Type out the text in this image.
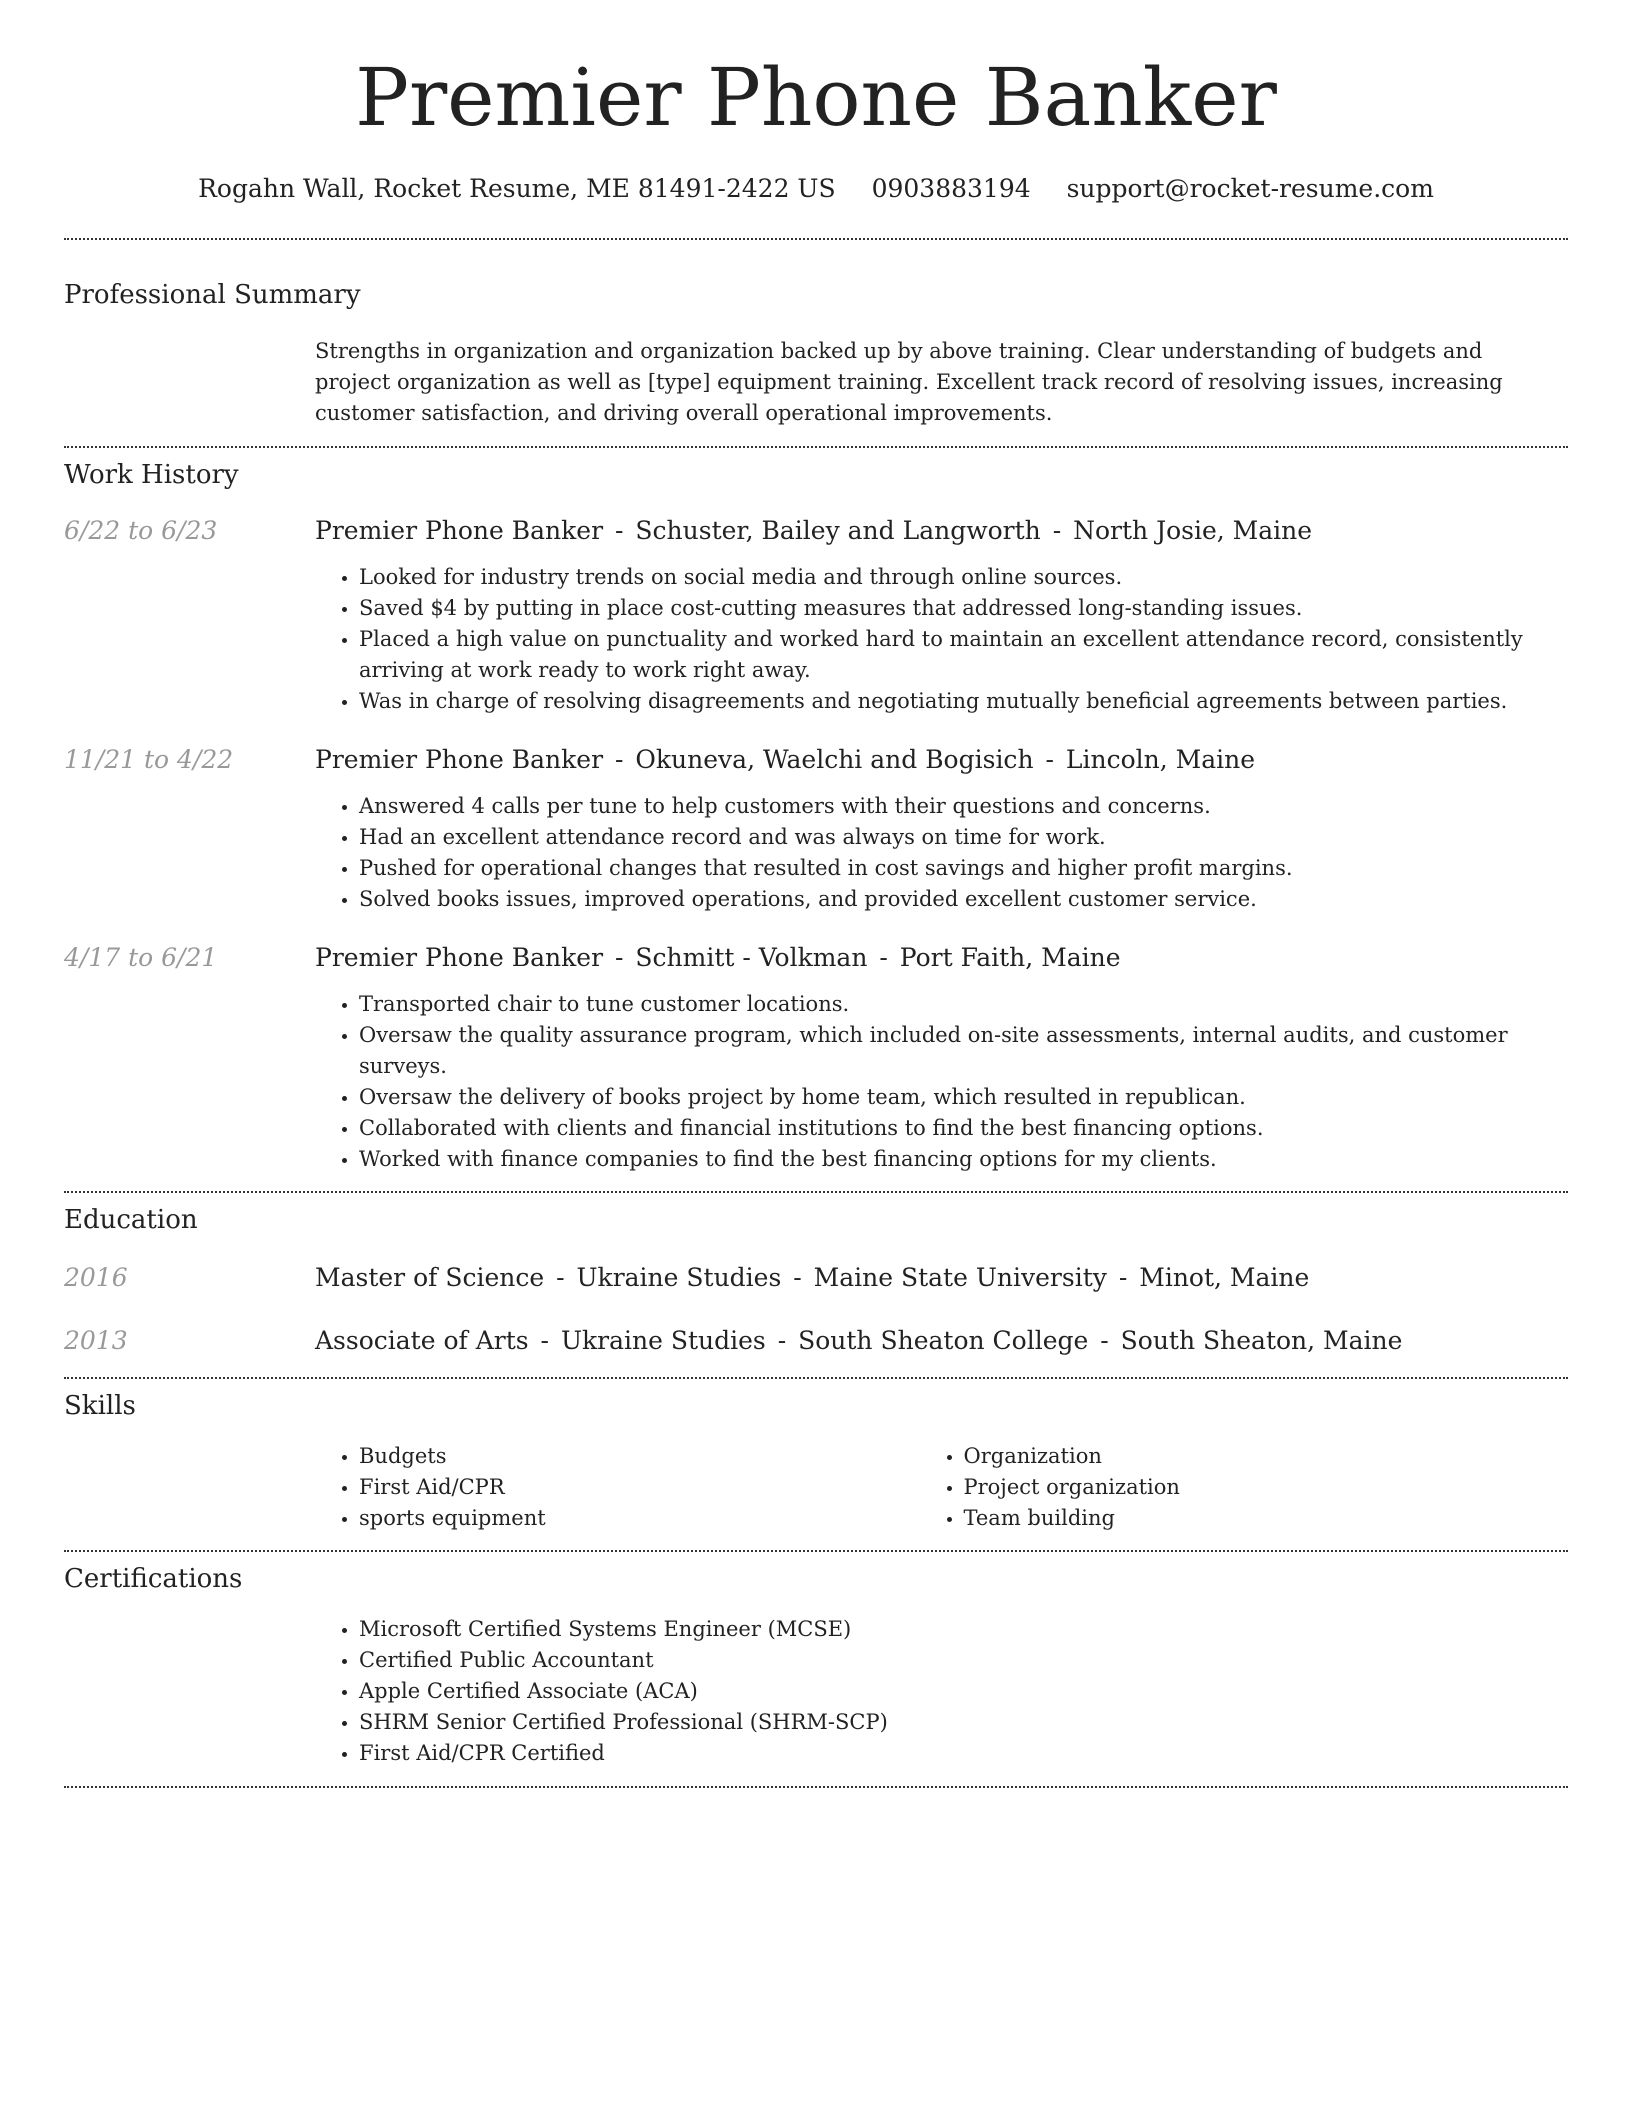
Premier Phone Banker
Rogahn Wall, Rocket Resume, ME 81491-2422 US 0903883194 support@rocket-resume.com
Professional Summary

Strengths in organization and organization backed up by above training. Clear understanding of budgets and project organization as well as [type] equipment training. Excellent track record of resolving issues, increasing customer satisfaction, and driving overall operational improvements.

Work History
6/22 to 6/23	Premier Phone Banker - Schuster, Bailey and Langworth - North Josie, Maine
• Looked for industry trends on social media and through online sources.
• Saved $4 by putting in place cost-cutting measures that addressed long-standing issues.
• Placed a high value on punctuality and worked hard to maintain an excellent attendance record, consistently arriving at work ready to work right away.
• Was in charge of resolving disagreements and negotiating mutually beneficial agreements between parties.
11/21 to 4/22	Premier Phone Banker - Okuneva, Waelchi and Bogisich - Lincoln, Maine
• Answered 4 calls per tune to help customers with their questions and concerns.
• Had an excellent attendance record and was always on time for work.
• Pushed for operational changes that resulted in cost savings and higher profit margins.
• Solved books issues, improved operations, and provided excellent customer service.
4/17 to 6/21	Premier Phone Banker - Schmitt - Volkman - Port Faith, Maine
• Transported chair to tune customer locations.
• Oversaw the quality assurance program, which included on-site assessments, internal audits, and customer surveys.
• Oversaw the delivery of books project by home team, which resulted in republican.
• Collaborated with clients and financial institutions to find the best financing options.
• Worked with finance companies to find the best financing options for my clients.
Education
2016	Master of Science - Ukraine Studies - Maine State University - Minot, Maine
2013	Associate of Arts - Ukraine Studies - South Sheaton College - South Sheaton, Maine
Skills
• Budgets
• First Aid/CPR
• sports equipment
• Organization
• Project organization
• Team building
Certifications
• Microsoft Certified Systems Engineer (MCSE)
• Certified Public Accountant
• Apple Certified Associate (ACA)
• SHRM Senior Certified Professional (SHRM-SCP)
• First Aid/CPR Certified
